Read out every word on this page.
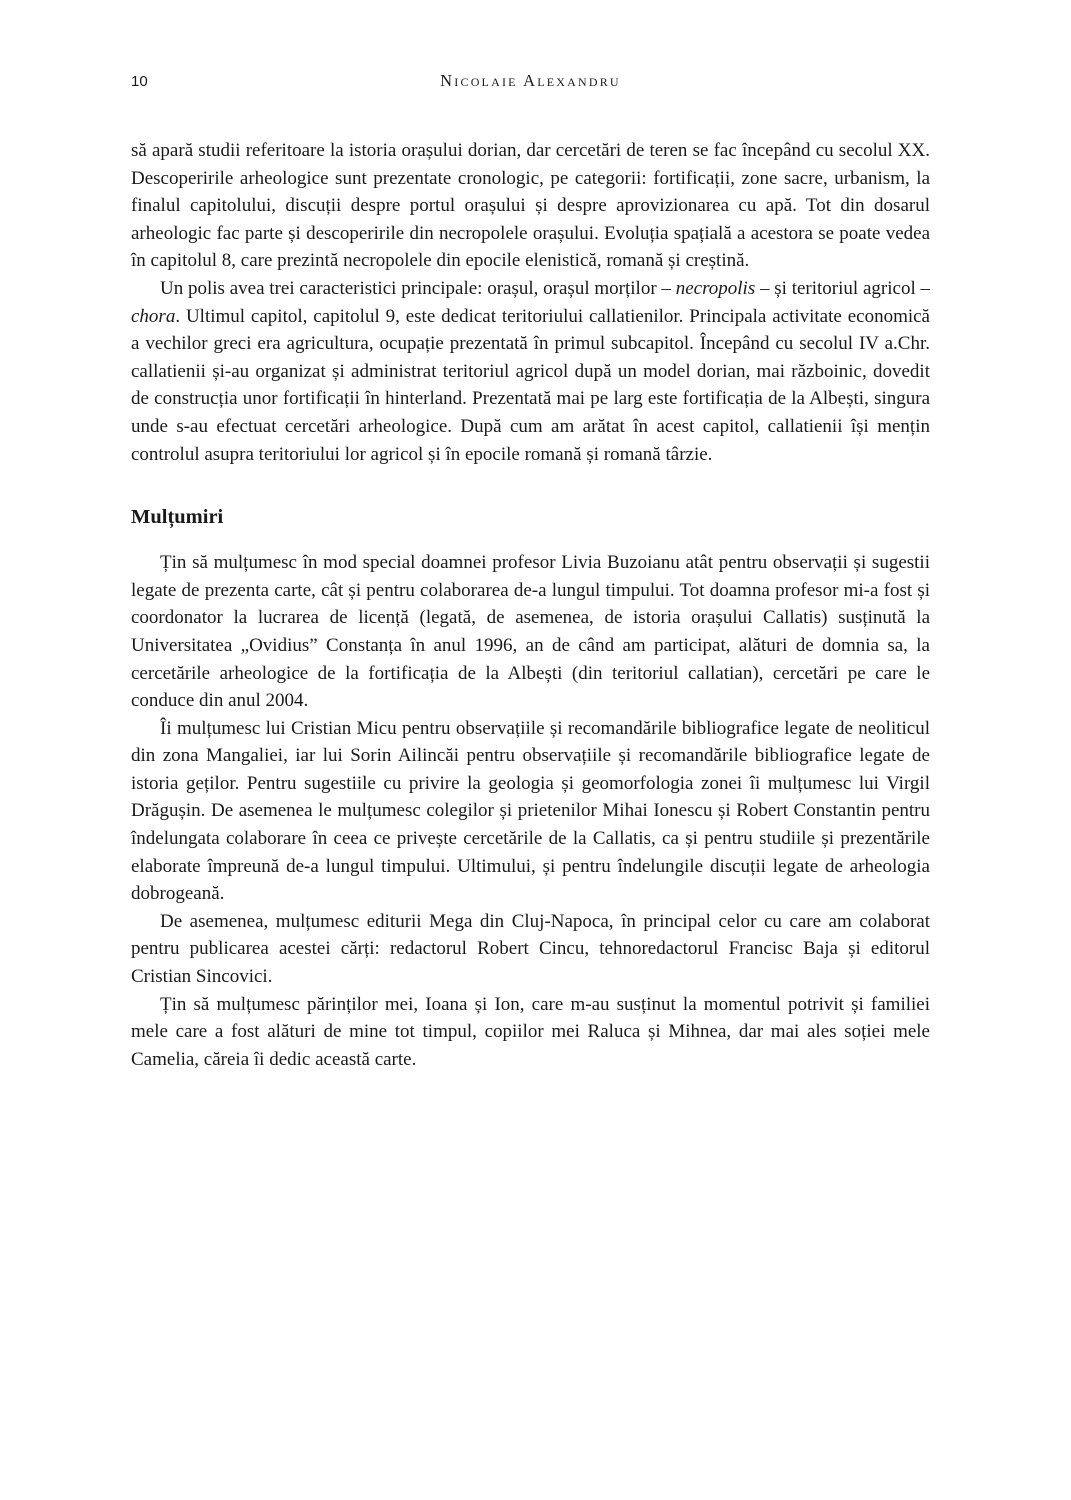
10	Nicolaie Alexandru

să apară studii referitoare la istoria orașului dorian, dar cercetări de teren se fac începând cu secolul XX. Descoperirile arheologice sunt prezentate cronologic, pe categorii: fortificații, zone sacre, urbanism, la finalul capitolului, discuții despre portul orașului și despre aprovizionarea cu apă. Tot din dosarul arheologic fac parte și descoperirile din necropolele orașului. Evoluția spațială a acestora se poate vedea în capitolul 8, care prezintă necropolele din epocile elenistică, romană și creștină.

Un polis avea trei caracteristici principale: orașul, orașul morților – necropolis – și teritoriul agricol – chora. Ultimul capitol, capitolul 9, este dedicat teritoriului callatienilor. Principala activitate economică a vechilor greci era agricultura, ocupație prezentată în primul subcapitol. Începând cu secolul IV a.Chr. callatienii și-au organizat și administrat teritoriul agricol după un model dorian, mai războinic, dovedit de construcția unor fortificații în hinterland. Prezentată mai pe larg este fortificația de la Albești, singura unde s-au efectuat cercetări arheologice. După cum am arătat în acest capitol, callatienii își mențin controlul asupra teritoriului lor agricol și în epocile romană și romană târzie.

Mulțumiri

Țin să mulțumesc în mod special doamnei profesor Livia Buzoianu atât pentru observații și sugestii legate de prezenta carte, cât și pentru colaborarea de-a lungul timpului. Tot doamna profesor mi-a fost și coordonator la lucrarea de licență (legată, de asemenea, de istoria orașului Callatis) susținută la Universitatea „Ovidius” Constanța în anul 1996, an de când am participat, alături de domnia sa, la cercetările arheologice de la fortificația de la Albești (din teritoriul callatian), cercetări pe care le conduce din anul 2004.

Îi mulțumesc lui Cristian Micu pentru observațiile și recomandările bibliografice legate de neoliticul din zona Mangaliei, iar lui Sorin Ailincăi pentru observațiile și recomandările bibliografice legate de istoria geților. Pentru sugestiile cu privire la geologia și geomorfologia zonei îi mulțumesc lui Virgil Drăgușin. De asemenea le mulțumesc colegilor și prietenilor Mihai Ionescu și Robert Constantin pentru îndelungata colaborare în ceea ce privește cercetările de la Callatis, ca și pentru studiile și prezentările elaborate împreună de-a lungul timpului. Ultimului, și pentru îndelungile discuții legate de arheologia dobrogeană.

De asemenea, mulțumesc editurii Mega din Cluj-Napoca, în principal celor cu care am colaborat pentru publicarea acestei cărți: redactorul Robert Cincu, tehnoredactorul Francisc Baja și editorul Cristian Sincovici.

Țin să mulțumesc părinților mei, Ioana și Ion, care m-au susținut la momentul potrivit și familiei mele care a fost alături de mine tot timpul, copiilor mei Raluca și Mihnea, dar mai ales soției mele Camelia, căreia îi dedic această carte.
